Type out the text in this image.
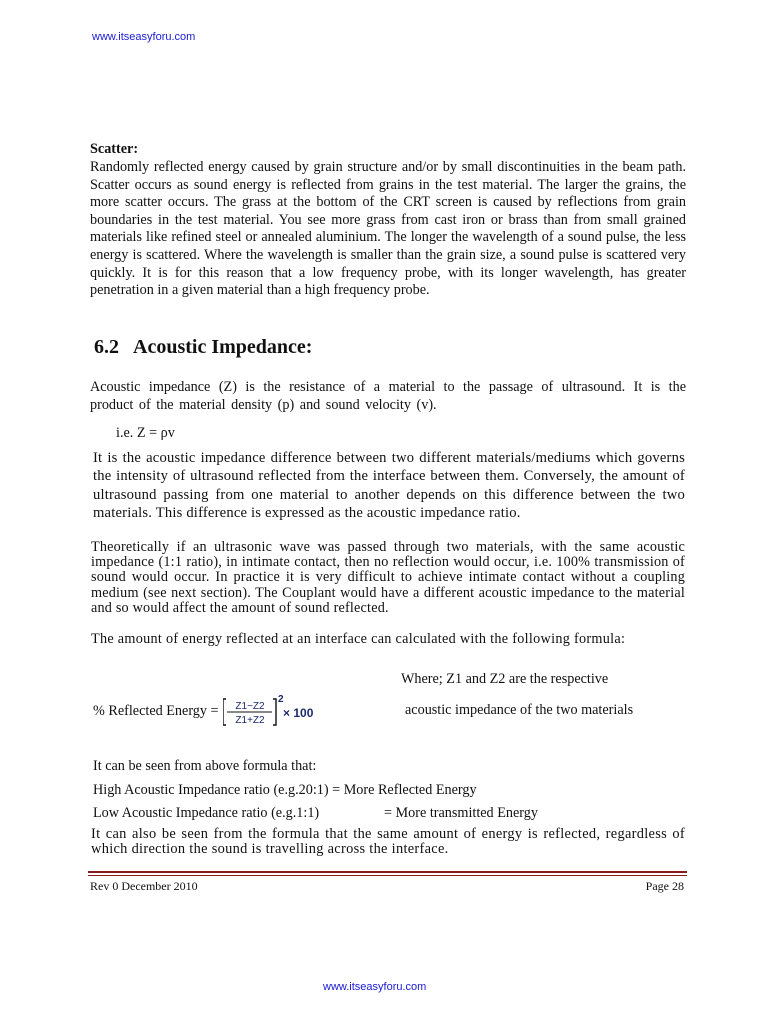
www.itseasyforu.com
Scatter:

Randomly reflected energy caused by grain structure and/or by small discontinuities in the beam path. Scatter occurs as sound energy is reflected from grains in the test material. The larger the grains, the more scatter occurs. The grass at the bottom of the CRT screen is caused by reflections from grain boundaries in the test material. You see more grass from cast iron or brass than from small grained materials like refined steel or annealed aluminium. The longer the wavelength of a sound pulse, the less energy is scattered. Where the wavelength is smaller than the grain size, a sound pulse is scattered very quickly. It is for this reason that a low frequency probe, with its longer wavelength, has greater penetration in a given material than a high frequency probe.

6.2 Acoustic Impedance:

Acoustic impedance (Z) is the resistance of a material to the passage of ultrasound. It is the product of the material density (p) and sound velocity (v).

i.e. Z = ρv

It is the acoustic impedance difference between two different materials/mediums which governs the intensity of ultrasound reflected from the interface between them. Conversely, the amount of ultrasound passing from one material to another depends on this difference between the two materials. This difference is expressed as the acoustic impedance ratio.

Theoretically if an ultrasonic wave was passed through two materials, with the same acoustic impedance (1:1 ratio), in intimate contact, then no reflection would occur, i.e. 100% transmission of sound would occur. In practice it is very difficult to achieve intimate contact without a coupling medium (see next section). The Couplant would have a different acoustic impedance to the material and so would affect the amount of sound reflected.

The amount of energy reflected at an interface can calculated with the following formula:

Where; Z1 and Z2 are the respective
% Reflected Energy = Z1−Z2
Z1+Z2
2
× 100	acoustic impedance of the two materials
It can be seen from above formula that:
High Acoustic Impedance ratio (e.g.20:1) = More Reflected Energy
Low Acoustic Impedance ratio (e.g.1:1)	= More transmitted Energy

It can also be seen from the formula that the same amount of energy is reflected, regardless of which direction the sound is travelling across the interface.

Rev 0 December 2010	Page 28
www.itseasyforu.com
